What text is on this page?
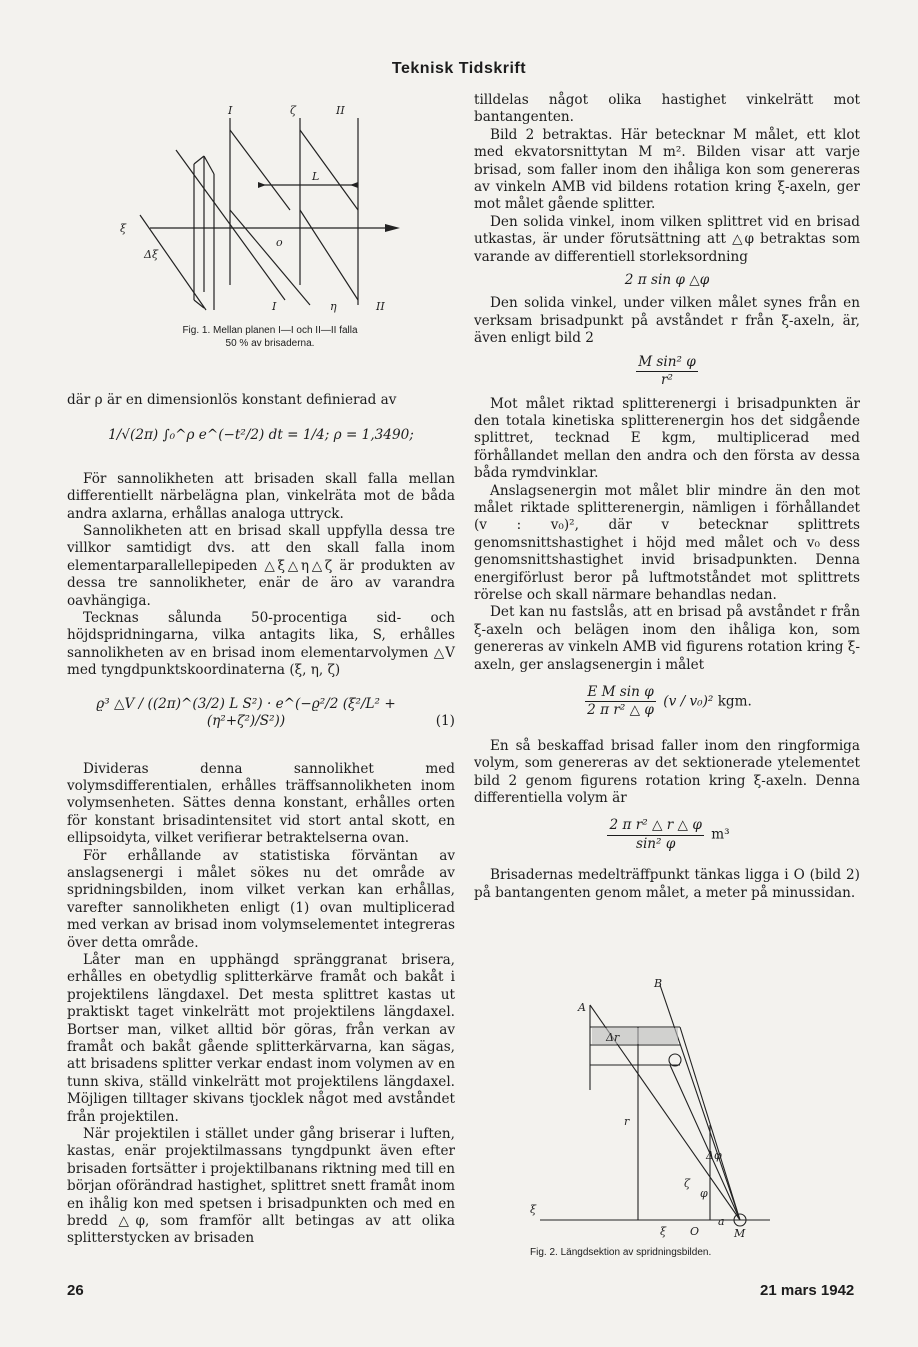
Teknisk Tidskrift
I	ζ	II
L
ξ
Δξ
o
I	η	II
Fig. 1. Mellan planen I—I och II—II falla
50 % av brisaderna.

där ρ är en dimensionlös konstant definierad av

1/√(2π) ∫₀^ρ e^(−t²/2) dt = 1/4; ρ = 1,3490;

För sannolikheten att brisaden skall falla mellan differentiellt närbelägna plan, vinkelräta mot de båda andra axlarna, erhållas analoga uttryck.

Sannolikheten att en brisad skall uppfylla dessa tre villkor samtidigt dvs. att den skall falla inom elementarparallellepipeden △ξ△η△ζ är produkten av dessa tre sannolikheter, enär de äro av varandra oavhängiga.

Tecknas sålunda 50-procentiga sid- och höjdspridningarna, vilka antagits lika, S, erhålles sannolikheten av en brisad inom elementarvolymen △V med tyngdpunktskoordinaterna (ξ, η, ζ)

ϱ³ △V / ((2π)^(3/2) L S²) · e^(−ϱ²/2 (ξ²/L² + (η²+ζ²)/S²))	(1)

Divideras denna sannolikhet med volymsdifferentialen, erhålles träffsannolikheten inom volymsenheten. Sättes denna konstant, erhålles orten för konstant brisadintensitet vid stort antal skott, en ellipsoidyta, vilket verifierar betraktelserna ovan.

För erhållande av statistiska förväntan av anslagsenergi i målet sökes nu det område av spridningsbilden, inom vilket verkan kan erhållas, varefter sannolikheten enligt (1) ovan multiplicerad med verkan av brisad inom volymselementet integreras över detta område.

Låter man en upphängd spränggranat brisera, erhålles en obetydlig splitterkärve framåt och bakåt i projektilens längdaxel. Det mesta splittret kastas ut praktiskt taget vinkelrätt mot projektilens längdaxel. Bortser man, vilket alltid bör göras, från verkan av framåt och bakåt gående splitterkärvarna, kan sägas, att brisadens splitter verkar endast inom volymen av en tunn skiva, ställd vinkelrätt mot projektilens längdaxel. Möjligen tilltager skivans tjocklek något med avståndet från projektilen.

När projektilen i stället under gång briserar i luften, kastas, enär projektilmassans tyngdpunkt även efter brisaden fortsätter i projektilbanans riktning med till en början oförändrad hastighet, splittret snett framåt inom en ihålig kon med spetsen i brisadpunkten och med en bredd △φ, som framför allt betingas av att olika splitterstycken av brisaden

tilldelas något olika hastighet vinkelrätt mot bantangenten.

Bild 2 betraktas. Här betecknar M målet, ett klot med ekvatorsnittytan M m². Bilden visar att varje brisad, som faller inom den ihåliga kon som genereras av vinkeln AMB vid bildens rotation kring ξ-axeln, ger mot målet gående splitter.

Den solida vinkel, inom vilken splittret vid en brisad utkastas, är under förutsättning att △φ betraktas som varande av differentiell storleksordning

2 π sin φ △φ

Den solida vinkel, under vilken målet synes från en verksam brisadpunkt på avståndet r från ξ-axeln, är, även enligt bild 2

$\frac{\text{M sin² φ}}{\text{r²}}$

Mot målet riktad splitterenergi i brisadpunkten är den totala kinetiska splitterenergin hos det sidgående splittret, tecknad E kgm, multiplicerad med förhållandet mellan den andra och den första av dessa båda rymdvinklar.

Anslagsenergin mot målet blir mindre än den mot målet riktade splitterenergin, nämligen i förhållandet (v : v₀)², där v betecknar splittrets genomsnittshastighet i höjd med målet och v₀ dess genomsnittshastighet invid brisadpunkten. Denna energiförlust beror på luftmotståndet mot splittrets rörelse och skall närmare behandlas nedan.

Det kan nu fastslås, att en brisad på avståndet r från ξ-axeln och belägen inom den ihåliga kon, som genereras av vinkeln AMB vid figurens rotation kring ξ-axeln, ger anslagsenergin i målet

$\frac{\text{E M sin φ}}{\text{2 π r² △ φ}} (v / v_0)^2$ kgm.

En så beskaffad brisad faller inom den ringformiga volym, som genereras av det sektionerade ytelementet bild 2 genom figurens rotation kring ξ-axeln. Denna differentiella volym är

$\frac{\text{2 π r² △ r △ φ}}{\text{sin² φ}} m^3$

Brisadernas medelträffpunkt tänkas ligga i O (bild 2) på bantangenten genom målet, a meter på minussidan.

B
A
Δr
r
Δφ
ζ
φ
ξ
ξ O
a
M
Fig. 2. Längdsektion av spridningsbilden.
26	21 mars 1942
